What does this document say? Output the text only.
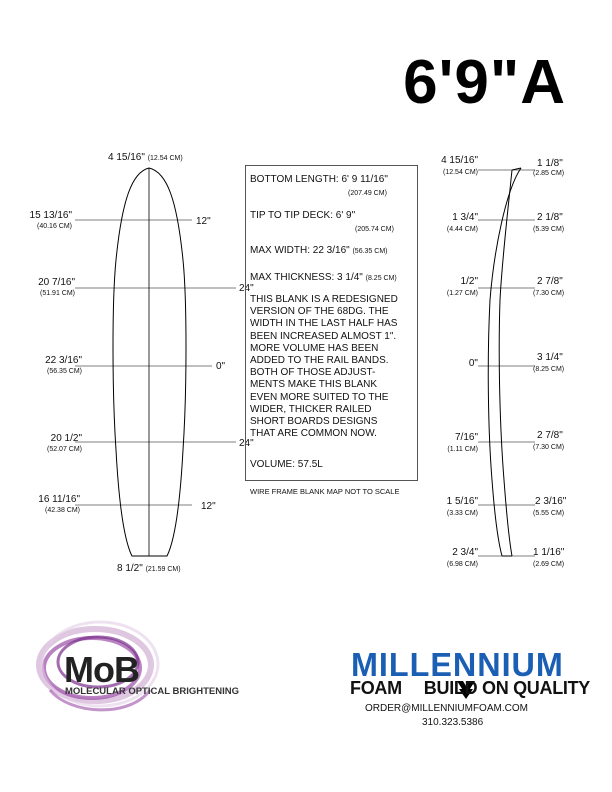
6'9"A
4 15/16" (12.54 CM)
8 1/2" (21.59 CM)
15 13/16"
(40.16 CM)	12"
20 7/16"
(51.91 CM)	24"
22 3/16"
(56.35 CM)	0"
20 1/2"
(52.07 CM)
24"
16 11/16"
(42.38 CM)	12"
BOTTOM LENGTH: 6' 9 11/16"
(207.49 CM)
TIP TO TIP DECK: 6' 9"
(205.74 CM)
MAX WIDTH: 22 3/16" (56.35 CM)
MAX THICKNESS: 3 1/4" (8.25 CM)
THIS BLANK IS A REDESIGNED
VERSION OF THE 68DG. THE
WIDTH IN THE LAST HALF HAS
BEEN INCREASED ALMOST 1".
MORE VOLUME HAS BEEN
ADDED TO THE RAIL BANDS.
BOTH OF THOSE ADJUST-
MENTS MAKE THIS BLANK
EVEN MORE SUITED TO THE
WIDER, THICKER RAILED
SHORT BOARDS DESIGNS
THAT ARE COMMON NOW.
VOLUME: 57.5L
WIRE FRAME BLANK MAP NOT TO SCALE
4 15/16"
(12.54 CM)
1 3/4"
(4.44 CM)
1/2"
(1.27 CM)
0"
7/16"
(1.11 CM)
1 5/16"
(3.33 CM)
2 3/4"
(6.98 CM)
1 1/8"
(2.85 CM)
2 1/8"
(5.39 CM)
2 7/8"
(7.30 CM)
3 1/4"
(8.25 CM)
2 7/8"
(7.30 CM)
2 3/16"
(5.55 CM)
1 1/16"
(2.69 CM)
MoB
MOLECULAR OPTICAL BRIGHTENING
MILLENNIUM
FOAM BUILD ON QUALITY
ORDER@MILLENNIUMFOAM.COM
310.323.5386
